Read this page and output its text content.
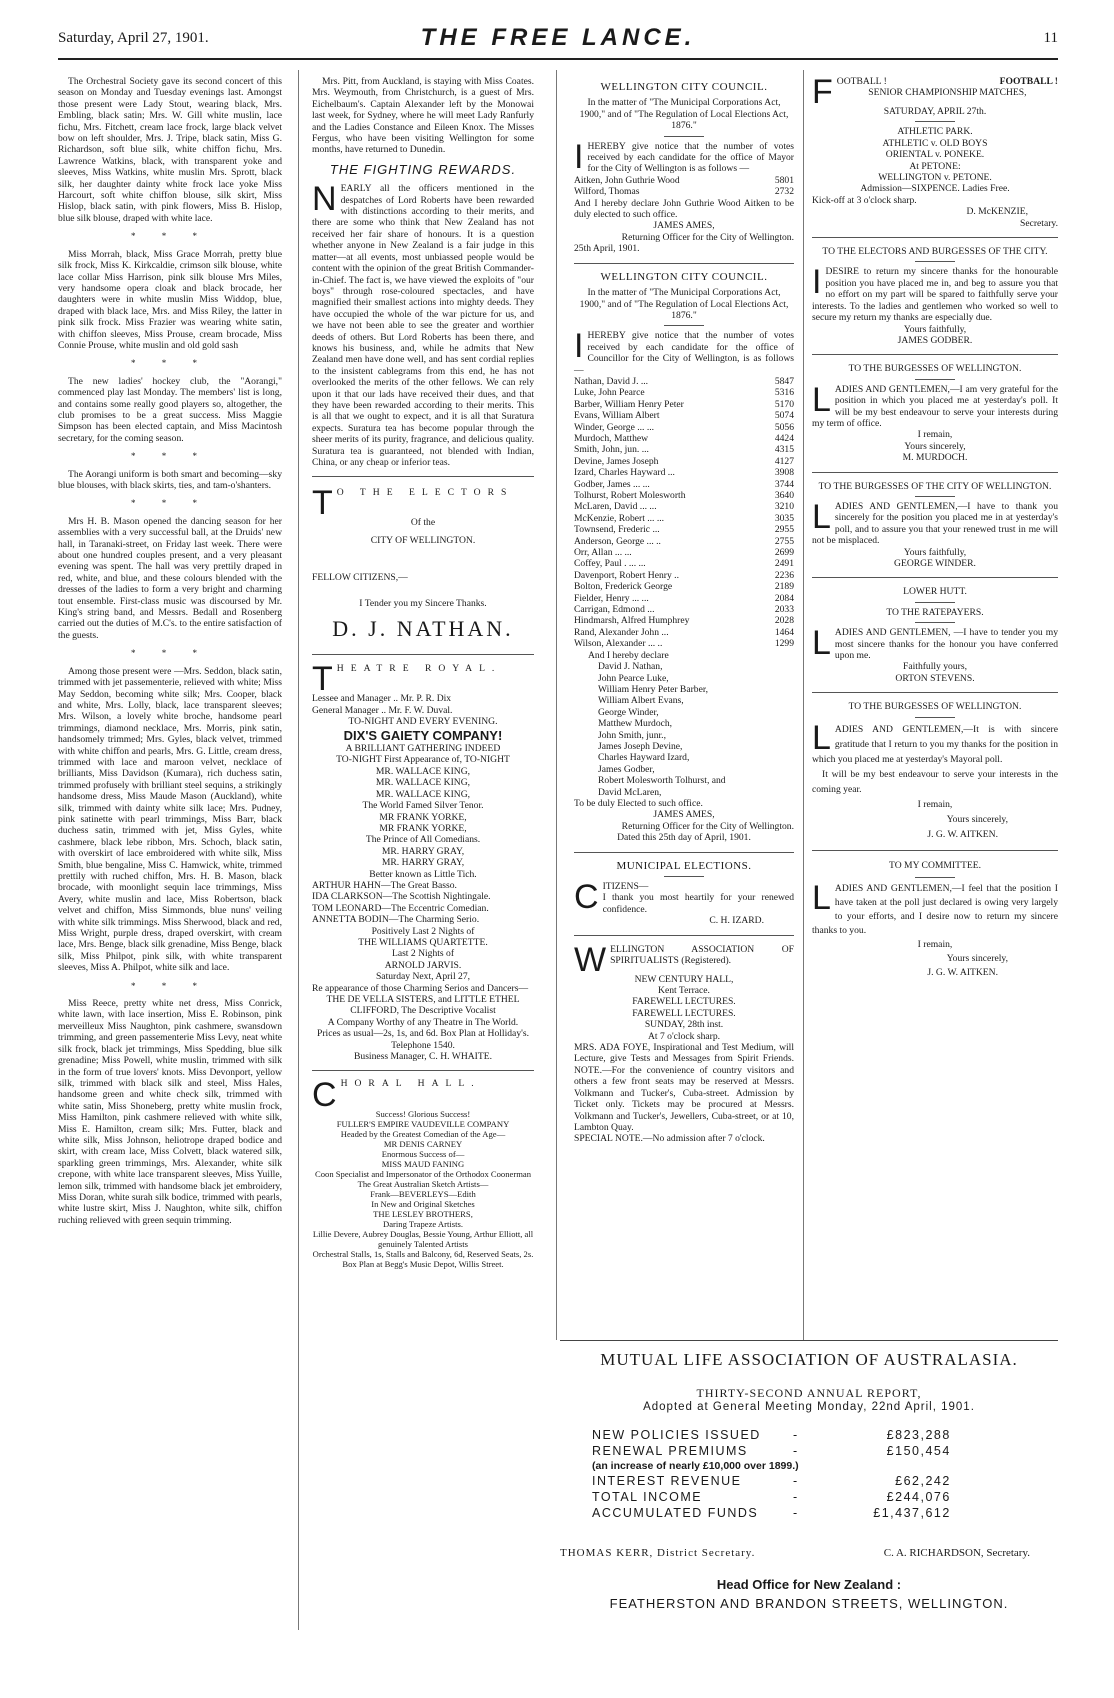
Saturday, April 27, 1901.	THE FREE LANCE.	11

The Orchestral Society gave its second concert of this season on Monday and Tuesday evenings last. Amongst those present were Lady Stout, wearing black, Mrs. Embling, black satin; Mrs. W. Gill white muslin, lace fichu, Mrs. Fitchett, cream lace frock, large black velvet bow on left shoulder, Mrs. J. Tripe, black satin, Miss G. Richardson, soft blue silk, white chiffon fichu, Mrs. Lawrence Watkins, black, with transparent yoke and sleeves, Miss Watkins, white muslin Mrs. Sprott, black silk, her daughter dainty white frock lace yoke Miss Harcourt, soft white chiffon blouse, silk skirt, Miss Hislop, black satin, with pink flowers, Miss B. Hislop, blue silk blouse, draped with white lace.

* * *

Miss Morrah, black, Miss Grace Morrah, pretty blue silk frock, Miss K. Kirkcaldie, crimson silk blouse, white lace collar Miss Harrison, pink silk blouse Mrs Miles, very handsome opera cloak and black brocade, her daughters were in white muslin Miss Widdop, blue, draped with black lace, Mrs. and Miss Riley, the latter in pink silk frock. Miss Frazier was wearing white satin, with chiffon sleeves, Miss Prouse, cream brocade, Miss Connie Prouse, white muslin and old gold sash

* * *

The new ladies' hockey club, the "Aorangi," commenced play last Monday. The members' list is long, and contains some really good players so, altogether, the club promises to be a great success. Miss Maggie Simpson has been elected captain, and Miss Macintosh secretary, for the coming season.

* * *

The Aorangi uniform is both smart and becoming—sky blue blouses, with black skirts, ties, and tam-o'shanters.

* * *

Mrs H. B. Mason opened the dancing season for her assemblies with a very successful ball, at the Druids' new hall, in Taranaki-street, on Friday last week. There were about one hundred couples present, and a very pleasant evening was spent. The hall was very prettily draped in red, white, and blue, and these colours blended with the dresses of the ladies to form a very bright and charming tout ensemble. First-class music was discoursed by Mr. King's string band, and Messrs. Bedall and Rosenberg carried out the duties of M.C's. to the entire satisfaction of the guests.

* * *

Among those present were —Mrs. Seddon, black satin, trimmed with jet passementerie, relieved with white; Miss May Seddon, becoming white silk; Mrs. Cooper, black and white, Mrs. Lolly, black, lace transparent sleeves; Mrs. Wilson, a lovely white broche, handsome pearl trimmings, diamond necklace, Mrs. Morris, pink satin, handsomely trimmed; Mrs. Gyles, black velvet, trimmed with white chiffon and pearls, Mrs. G. Little, cream dress, trimmed with lace and maroon velvet, necklace of brilliants, Miss Davidson (Kumara), rich duchess satin, trimmed profusely with brilliant steel sequins, a strikingly handsome dress, Miss Maude Mason (Auckland), white silk, trimmed with dainty white silk lace; Mrs. Pudney, pink satinette with pearl trimmings, Miss Barr, black duchess satin, trimmed with jet, Miss Gyles, white cashmere, black lebe ribbon, Mrs. Schoch, black satin, with overskirt of lace embroidered with white silk, Miss Smith, blue bengaline, Miss C. Hamwick, white, trimmed prettily with ruched chiffon, Mrs. H. B. Mason, black brocade, with moonlight sequin lace trimmings, Miss Avery, white muslin and lace, Miss Robertson, black velvet and chiffon, Miss Simmonds, blue nuns' veiling with white silk trimmings. Miss Sherwood, black and red, Miss Wright, purple dress, draped overskirt, with cream lace, Mrs. Benge, black silk grenadine, Miss Benge, black silk, Miss Philpot, pink silk, with white transparent sleeves, Miss A. Philpot, white silk and lace.

* * *

Miss Reece, pretty white net dress, Miss Conrick, white lawn, with lace insertion, Miss E. Robinson, pink merveilleux Miss Naughton, pink cashmere, swansdown trimming, and green passementerie Miss Levy, neat white silk frock, black jet trimmings, Miss Spedding, blue silk grenadine; Miss Powell, white muslin, trimmed with silk in the form of true lovers' knots. Miss Devonport, yellow silk, trimmed with black silk and steel, Miss Hales, handsome green and white check silk, trimmed with white satin, Miss Shoneberg, pretty white muslin frock, Miss Hamilton, pink cashmere relieved with white silk, Miss E. Hamilton, cream silk; Mrs. Futter, black and white silk, Miss Johnson, heliotrope draped bodice and skirt, with cream lace, Miss Colvett, black watered silk, sparkling green trimmings, Mrs. Alexander, white silk crepone, with white lace transparent sleeves, Miss Yuille, lemon silk, trimmed with handsome black jet embroidery, Miss Doran, white surah silk bodice, trimmed with pearls, white lustre skirt, Miss J. Naughton, white silk, chiffon ruching relieved with green sequin trimming.

Mrs. Pitt, from Auckland, is staying with Miss Coates. Mrs. Weymouth, from Christchurch, is a guest of Mrs. Eichelbaum's. Captain Alexander left by the Monowai last week, for Sydney, where he will meet Lady Ranfurly and the Ladies Constance and Eileen Knox. The Misses Fergus, who have been visiting Wellington for some months, have returned to Dunedin.

THE FIGHTING REWARDS.
N EARLY all the officers mentioned in the despatches of Lord Roberts have been rewarded with distinctions according to their merits, and there are some who think that New Zealand has not received her fair share of honours. It is a question whether anyone in New Zealand is a fair judge in this matter—at all events, most unbiassed people would be content with the opinion of the great British Commander-in-Chief. The fact is, we have viewed the exploits of "our boys" through rose-coloured spectacles, and have magnified their smallest actions into mighty deeds. They have occupied the whole of the war picture for us, and we have not been able to see the greater and worthier deeds of others. But Lord Roberts has been there, and knows his business, and, while he admits that New Zealand men have done well, and has sent cordial replies to the insistent cablegrams from this end, he has not overlooked the merits of the other fellows. We can rely upon it that our lads have received their dues, and that they have been rewarded according to their merits. This is all that we ought to expect, and it is all that Suratura expects. Suratura tea has become popular through the sheer merits of its purity, fragrance, and delicious quality. Suratura tea is guaranteed, not blended with Indian, China, or any cheap or inferior teas.
T O THE ELECTORS
Of the
CITY OF WELLINGTON.
FELLOW CITIZENS,—
I Tender you my Sincere Thanks.
D. J. NATHAN.
T HEATRE ROYAL.
Lessee and Manager .. Mr. P. R. Dix
General Manager .. Mr. F. W. Duval.
TO-NIGHT AND EVERY EVENING.
DIX'S GAIETY COMPANY!
A BRILLIANT GATHERING INDEED
TO-NIGHT First Appearance of, TO-NIGHT
MR. WALLACE KING,
MR. WALLACE KING,
MR. WALLACE KING,
The World Famed Silver Tenor.
MR FRANK YORKE,
MR FRANK YORKE,
The Prince of All Comedians.
MR. HARRY GRAY,
MR. HARRY GRAY,
Better known as Little Tich.
ARTHUR HAHN—The Great Basso.
IDA CLARKSON—The Scottish Nightingale.
TOM LEONARD—The Eccentric Comedian.
ANNETTA BODIN—The Charming Serio.
Positively Last 2 Nights of
THE WILLIAMS QUARTETTE.
Last 2 Nights of
ARNOLD JARVIS.
Saturday Next, April 27,
Re appearance of those Charming Serios and Dancers—
THE DE VELLA SISTERS, and LITTLE ETHEL CLIFFORD, The Descriptive Vocalist
A Company Worthy of any Theatre in The World.
Prices as usual—2s, 1s, and 6d. Box Plan at Holliday's. Telephone 1540.
Business Manager, C. H. WHAITE.
C HORAL HALL.
Success! Glorious Success!
FULLER'S EMPIRE VAUDEVILLE COMPANY
Headed by the Greatest Comedian of the Age—
MR DENIS CARNEY
Enormous Success of—
MISS MAUD FANING
Coon Specialist and Impersonator of the Orthodox Coonerman
The Great Australian Sketch Artists—
Frank—BEVERLEYS—Edith
In New and Original Sketches
THE LESLEY BROTHERS,
Daring Trapeze Artists.
Lillie Devere, Aubrey Douglas, Bessie Young, Arthur Elliott, all genuinely Talented Artists
Orchestral Stalls, 1s, Stalls and Balcony, 6d, Reserved Seats, 2s. Box Plan at Begg's Music Depot, Willis Street.
WELLINGTON CITY COUNCIL.
In the matter of "The Municipal Corporations Act, 1900," and of "The Regulation of Local Elections Act, 1876."
I HEREBY give notice that the number of votes received by each candidate for the office of Mayor for the City of Wellington is as follows —
Aitken, John Guthrie Wood	5801
Wilford, Thomas	2732
And I hereby declare John Guthrie Wood Aitken to be duly elected to such office.
JAMES AMES,
Returning Officer for the City of Wellington.
25th April, 1901.
WELLINGTON CITY COUNCIL.
In the matter of "The Municipal Corporations Act, 1900," and of "The Regulation of Local Elections Act, 1876."
I HEREBY give notice that the number of votes received by each candidate for the office of Councillor for the City of Wellington, is as follows —
Nathan, David J. ...	5847
Luke, John Pearce	5316
Barber, William Henry Peter	5170
Evans, William Albert	5074
Winder, George ... ...	5056
Murdoch, Matthew	4424
Smith, John, jun. ...	4315
Devine, James Joseph	4127
Izard, Charles Hayward ...	3908
Godber, James ... ...	3744
Tolhurst, Robert Molesworth	3640
McLaren, David ... ...	3210
McKenzie, Robert ... ...	3035
Townsend, Frederic ...	2955
Anderson, George ... ..	2755
Orr, Allan ... ...	2699
Coffey, Paul . ... ...	2491
Davenport, Robert Henry ..	2236
Bolton, Frederick George	2189
Fielder, Henry ... ...	2084
Carrigan, Edmond ...	2033
Hindmarsh, Alfred Humphrey	2028
Rand, Alexander John ...	1464
Wilson, Alexander ... ..	1299
And I hereby declare
David J. Nathan,
John Pearce Luke,
William Henry Peter Barber,
William Albert Evans,
George Winder,
Matthew Murdoch,
John Smith, junr.,
James Joseph Devine,
Charles Hayward Izard,
James Godber,
Robert Molesworth Tolhurst, and
David McLaren,
To be duly Elected to such office.
JAMES AMES,
Returning Officer for the City of Wellington.
Dated this 25th day of April, 1901.
MUNICIPAL ELECTIONS.
C ITIZENS—
I thank you most heartily for your renewed confidence.
C. H. IZARD.
W ELLINGTON ASSOCIATION OF SPIRITUALISTS (Registered).
NEW CENTURY HALL,
Kent Terrace.
FAREWELL LECTURES.
FAREWELL LECTURES.
SUNDAY, 28th inst.
At 7 o'clock sharp.
MRS. ADA FOYE, Inspirational and Test Medium, will Lecture, give Tests and Messages from Spirit Friends. NOTE.—For the convenience of country visitors and others a few front seats may be reserved at Messrs. Volkmann and Tucker's, Cuba-street. Admission by Ticket only. Tickets may be procured at Messrs. Volkmann and Tucker's, Jewellers, Cuba-street, or at 10, Lambton Quay.
SPECIAL NOTE.—No admission after 7 o'clock.
F OOTBALL !	FOOTBALL !
SENIOR CHAMPIONSHIP MATCHES,
SATURDAY, APRIL 27th.
ATHLETIC PARK.
ATHLETIC v. OLD BOYS
ORIENTAL v. PONEKE.
At PETONE:
WELLINGTON v. PETONE.
Admission—SIXPENCE. Ladies Free.
Kick-off at 3 o'clock sharp.
D. McKENZIE,
Secretary.
TO THE ELECTORS AND BURGESSES OF THE CITY.
I DESIRE to return my sincere thanks for the honourable position you have placed me in, and beg to assure you that no effort on my part will be spared to faithfully serve your interests. To the ladies and gentlemen who worked so well to secure my return my thanks are especially due.
Yours faithfully,
JAMES GODBER.
TO THE BURGESSES OF WELLINGTON.
L ADIES AND GENTLEMEN,—I am very grateful for the position in which you placed me at yesterday's poll. It will be my best endeavour to serve your interests during my term of office.
I remain,
Yours sincerely,
M. MURDOCH.
TO THE BURGESSES OF THE CITY OF WELLINGTON.
L ADIES AND GENTLEMEN,—I have to thank you sincerely for the position you placed me in at yesterday's poll, and to assure you that your renewed trust in me will not be misplaced.
Yours faithfully,
GEORGE WINDER.
LOWER HUTT.
TO THE RATEPAYERS.
L ADIES AND GENTLEMEN, —I have to tender you my most sincere thanks for the honour you have conferred upon me.
Faithfully yours,
ORTON STEVENS.
TO THE BURGESSES OF WELLINGTON.
L ADIES AND GENTLEMEN,—It is with sincere gratitude that I return to you my thanks for the position in which you placed me at yesterday's Mayoral poll.
It will be my best endeavour to serve your interests in the coming year.
I remain,
Yours sincerely,
J. G. W. AITKEN.
TO MY COMMITTEE.
L ADIES AND GENTLEMEN,—I feel that the position I have taken at the poll just declared is owing very largely to your efforts, and I desire now to return my sincere thanks to you.
I remain,
Yours sincerely,
J. G. W. AITKEN.
MUTUAL LIFE ASSOCIATION OF AUSTRALASIA.
THIRTY-SECOND ANNUAL REPORT,
Adopted at General Meeting Monday, 22nd April, 1901.
NEW POLICIES ISSUED	-	£823,288
RENEWAL PREMIUMS	-	£150,454
(an increase of nearly £10,000 over 1899.)		
INTEREST REVENUE	-	£62,242
TOTAL INCOME	-	£244,076
ACCUMULATED FUNDS	-	£1,437,612
C. A. RICHARDSON, Secretary.
THOMAS KERR, District Secretary.
Head Office for New Zealand :
FEATHERSTON AND BRANDON STREETS, WELLINGTON.
